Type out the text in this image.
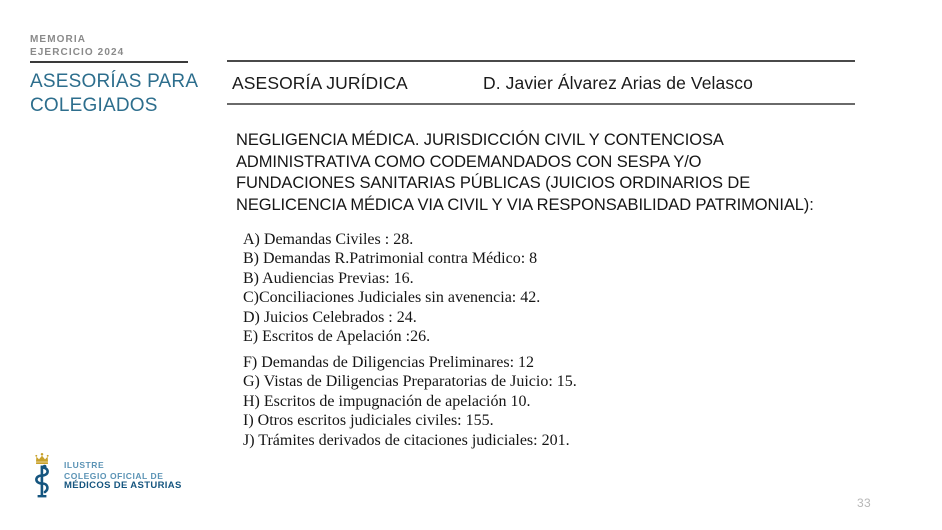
MEMORIA
EJERCICIO 2024
ASESORÍAS PARA
COLEGIADOS
ILUSTRE
COLEGIO OFICIAL DE
MÉDICOS DE ASTURIAS
ASESORÍA JURÍDICA	D. Javier Álvarez Arias de Velasco
NEGLIGENCIA MÉDICA. JURISDICCIÓN CIVIL Y CONTENCIOSA
ADMINISTRATIVA COMO CODEMANDADOS CON SESPA Y/O
FUNDACIONES SANITARIAS PÚBLICAS (JUICIOS ORDINARIOS DE
NEGLICENCIA MÉDICA VIA CIVIL Y VIA RESPONSABILIDAD PATRIMONIAL):
A) Demandas Civiles : 28.
B) Demandas R.Patrimonial contra Médico: 8
B) Audiencias Previas: 16.
C)Conciliaciones Judiciales sin avenencia: 42.
D) Juicios Celebrados : 24.
E) Escritos de Apelación :26.
F) Demandas de Diligencias Preliminares: 12
G) Vistas de Diligencias Preparatorias de Juicio: 15.
H) Escritos de impugnación de apelación 10.
I) Otros escritos judiciales civiles: 155.
J) Trámites derivados de citaciones judiciales: 201.
33
